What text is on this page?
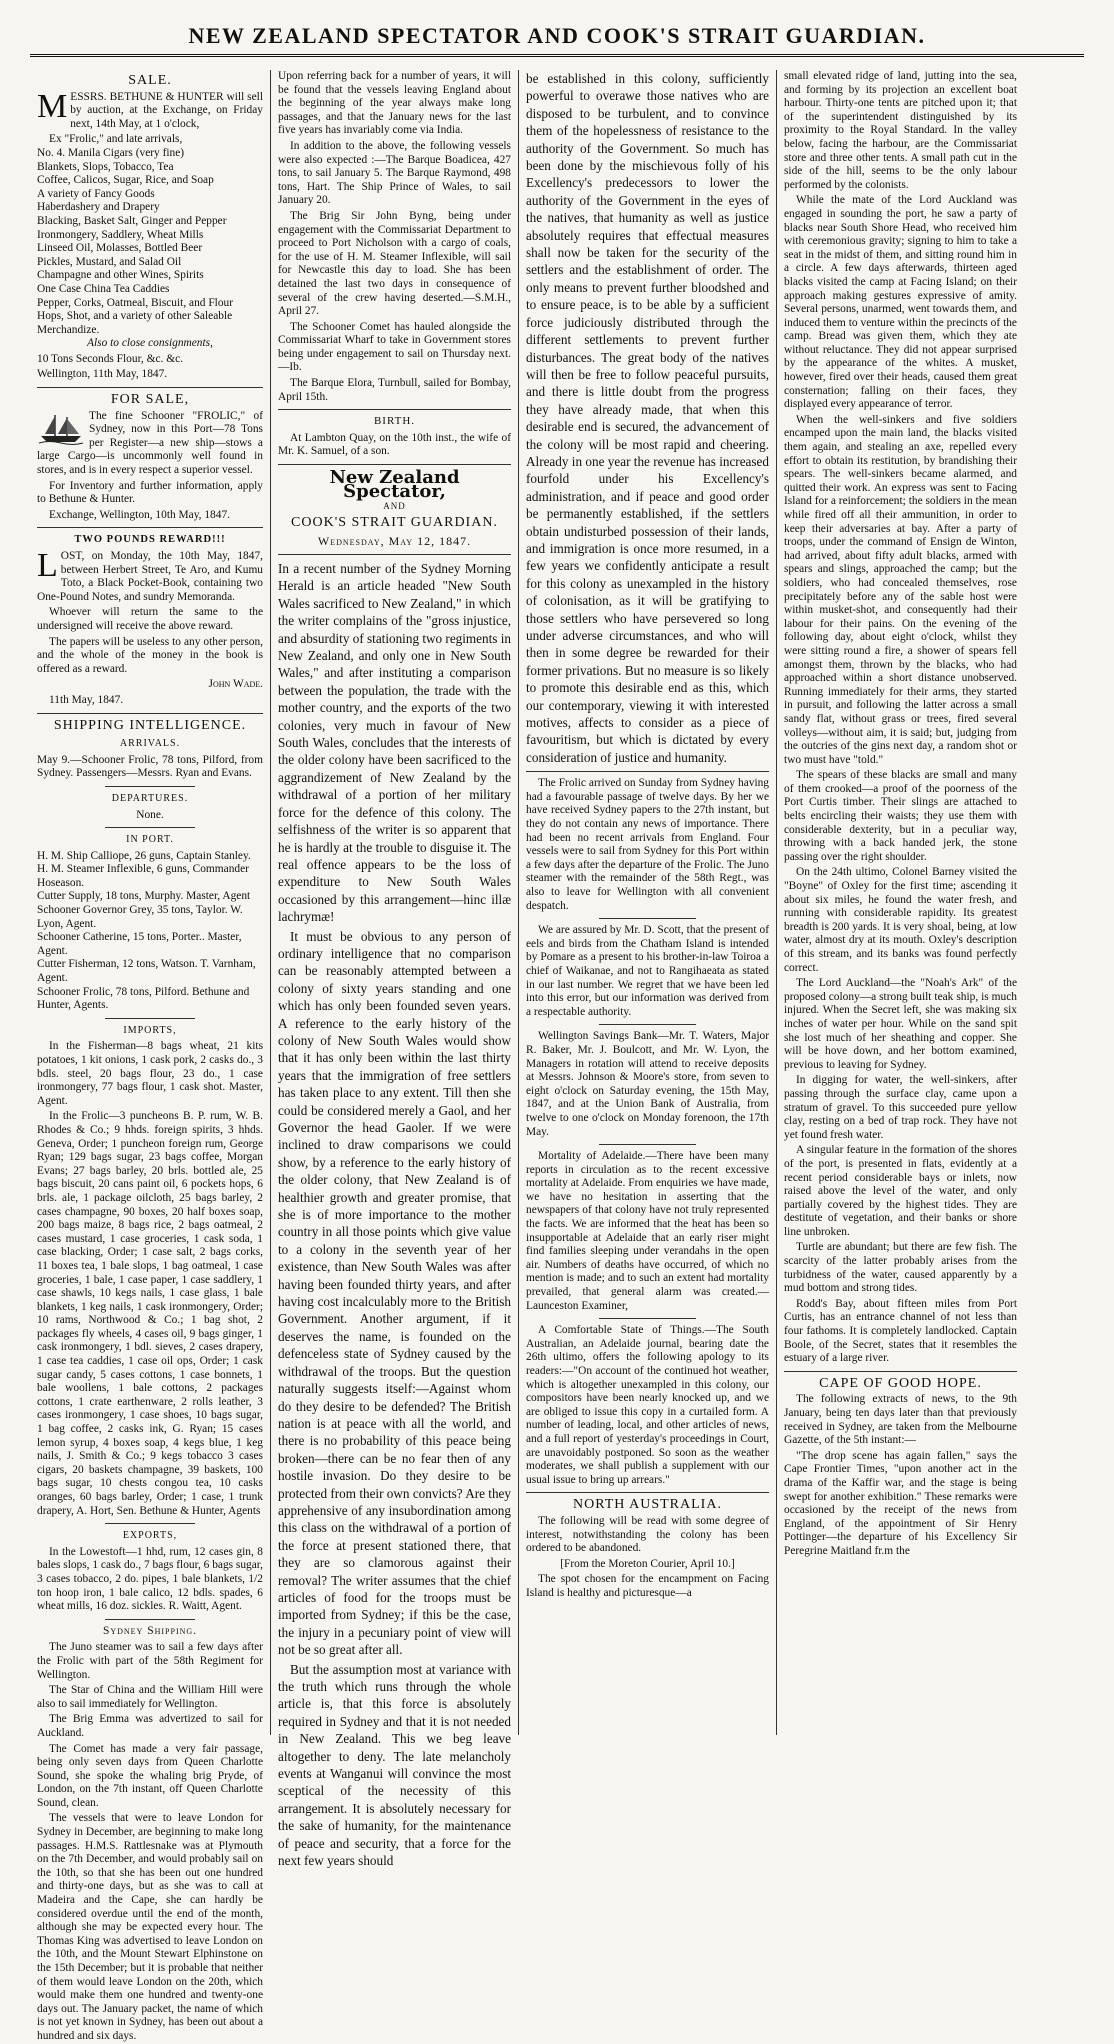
NEW ZEALAND SPECTATOR AND COOK'S STRAIT GUARDIAN.
SALE.

MESSRS. BETHUNE & HUNTER will sell by auction, at the Exchange, on Friday next, 14th May, at 1 o'clock,

Ex "Frolic," and late arrivals,

No. 4. Manila Cigars (very fine)

Blankets, Slops, Tobacco, Tea

Coffee, Calicos, Sugar, Rice, and Soap

A variety of Fancy Goods

Haberdashery and Drapery

Blacking, Basket Salt, Ginger and Pepper

Ironmongery, Saddlery, Wheat Mills

Linseed Oil, Molasses, Bottled Beer

Pickles, Mustard, and Salad Oil

Champagne and other Wines, Spirits

One Case China Tea Caddies

Pepper, Corks, Oatmeal, Biscuit, and Flour

Hops, Shot, and a variety of other Saleable Merchandize.

Also to close consignments,

10 Tons Seconds Flour, &c. &c.

Wellington, 11th May, 1847.

FOR SALE,

The fine Schooner "FROLIC," of Sydney, now in this Port—78 Tons per Register—a new ship—stows a large Cargo—is uncommonly well found in stores, and is in every respect a superior vessel.

For Inventory and further information, apply to Bethune & Hunter.

Exchange, Wellington, 10th May, 1847.

TWO POUNDS REWARD!!!

LOST, on Monday, the 10th May, 1847, between Herbert Street, Te Aro, and Kumu Toto, a Black Pocket-Book, containing two One-Pound Notes, and sundry Memoranda.

Whoever will return the same to the undersigned will receive the above reward.

The papers will be useless to any other person, and the whole of the money in the book is offered as a reward.

John Wade.

11th May, 1847.

SHIPPING INTELLIGENCE.
ARRIVALS.

May 9.—Schooner Frolic, 78 tons, Pilford, from Sydney. Passengers—Messrs. Ryan and Evans.

DEPARTURES.

None.

IN PORT.

H. M. Ship Calliope, 26 guns, Captain Stanley.

H. M. Steamer Inflexible, 6 guns, Commander Hoseason.

Cutter Supply, 18 tons, Murphy. Master, Agent

Schooner Governor Grey, 35 tons, Taylor. W. Lyon, Agent.

Schooner Catherine, 15 tons, Porter.. Master, Agent.

Cutter Fisherman, 12 tons, Watson. T. Varnham, Agent.

Schooner Frolic, 78 tons, Pilford. Bethune and Hunter, Agents.

IMPORTS,

In the Fisherman—8 bags wheat, 21 kits potatoes, 1 kit onions, 1 cask pork, 2 casks do., 3 bdls. steel, 20 bags flour, 23 do., 1 case ironmongery, 77 bags flour, 1 cask shot. Master, Agent.

In the Frolic—3 puncheons B. P. rum, W. B. Rhodes & Co.; 9 hhds. foreign spirits, 3 hhds. Geneva, Order; 1 puncheon foreign rum, George Ryan; 129 bags sugar, 23 bags coffee, Morgan Evans; 27 bags barley, 20 brls. bottled ale, 25 bags biscuit, 20 cans paint oil, 6 pockets hops, 6 brls. ale, 1 package oilcloth, 25 bags barley, 2 cases champagne, 90 boxes, 20 half boxes soap, 200 bags maize, 8 bags rice, 2 bags oatmeal, 2 cases mustard, 1 case groceries, 1 cask soda, 1 case blacking, Order; 1 case salt, 2 bags corks, 11 boxes tea, 1 bale slops, 1 bag oatmeal, 1 case groceries, 1 bale, 1 case paper, 1 case saddlery, 1 case shawls, 10 kegs nails, 1 case glass, 1 bale blankets, 1 keg nails, 1 cask ironmongery, Order; 10 rams, Northwood & Co.; 1 bag shot, 2 packages fly wheels, 4 cases oil, 9 bags ginger, 1 cask ironmongery, 1 bdl. sieves, 2 cases drapery, 1 case tea caddies, 1 case oil ops, Order; 1 cask sugar candy, 5 cases cottons, 1 case bonnets, 1 bale woollens, 1 bale cottons, 2 packages cottons, 1 crate earthenware, 2 rolls leather, 3 cases ironmongery, 1 case shoes, 10 bags sugar, 1 bag coffee, 2 casks ink, G. Ryan; 15 cases lemon syrup, 4 boxes soap, 4 kegs blue, 1 keg nails, J. Smith & Co.; 9 kegs tobacco 3 cases cigars, 20 baskets champagne, 39 baskets, 100 bags sugar, 10 chests congou tea, 10 casks oranges, 60 bags barley, Order; 1 case, 1 trunk drapery, A. Hort, Sen. Bethune & Hunter, Agents

EXPORTS,

In the Lowestoft—1 hhd, rum, 12 cases gin, 8 bales slops, 1 cask do., 7 bags flour, 6 bags sugar, 3 cases tobacco, 2 do. pipes, 1 bale blankets, 1/2 ton hoop iron, 1 bale calico, 12 bdls. spades, 6 wheat mills, 16 doz. sickles. R. Waitt, Agent.

Sydney Shipping.

The Juno steamer was to sail a few days after the Frolic with part of the 58th Regiment for Wellington.

The Star of China and the William Hill were also to sail immediately for Wellington.

The Brig Emma was advertized to sail for Auckland.

The Comet has made a very fair passage, being only seven days from Queen Charlotte Sound, she spoke the whaling brig Pryde, of London, on the 7th instant, off Queen Charlotte Sound, clean.

The vessels that were to leave London for Sydney in December, are beginning to make long passages. H.M.S. Rattlesnake was at Plymouth on the 7th December, and would probably sail on the 10th, so that she has been out one hundred and thirty-one days, but as she was to call at Madeira and the Cape, she can hardly be considered overdue until the end of the month, although she may be expected every hour. The Thomas King was advertised to leave London on the 10th, and the Mount Stewart Elphinstone on the 15th December; but it is probable that neither of them would leave London on the 20th, which would make them one hundred and twenty-one days out. The January packet, the name of which is not yet known in Sydney, has been out about a hundred and six days.

Upon referring back for a number of years, it will be found that the vessels leaving England about the beginning of the year always make long passages, and that the January news for the last five years has invariably come via India.

In addition to the above, the following vessels were also expected :—The Barque Boadicea, 427 tons, to sail January 5. The Barque Raymond, 498 tons, Hart. The Ship Prince of Wales, to sail January 20.

The Brig Sir John Byng, being under engagement with the Commissariat Department to proceed to Port Nicholson with a cargo of coals, for the use of H. M. Steamer Inflexible, will sail for Newcastle this day to load. She has been detained the last two days in consequence of several of the crew having deserted.—S.M.H., April 27.

The Schooner Comet has hauled alongside the Commissariat Wharf to take in Government stores being under engagement to sail on Thursday next.—Ib.

The Barque Elora, Turnbull, sailed for Bombay, April 15th.

BIRTH.

At Lambton Quay, on the 10th inst., the wife of Mr. K. Samuel, of a son.

New Zealand Spectator,
AND
COOK'S STRAIT GUARDIAN.
Wednesday, May 12, 1847.

In a recent number of the Sydney Morning Herald is an article headed "New South Wales sacrificed to New Zealand," in which the writer complains of the "gross injustice, and absurdity of stationing two regiments in New Zealand, and only one in New South Wales," and after instituting a comparison between the population, the trade with the mother country, and the exports of the two colonies, very much in favour of New South Wales, concludes that the interests of the older colony have been sacrificed to the aggrandizement of New Zealand by the withdrawal of a portion of her military force for the defence of this colony. The selfishness of the writer is so apparent that he is hardly at the trouble to disguise it. The real offence appears to be the loss of expenditure to New South Wales occasioned by this arrangement—hinc illæ lachrymæ!

It must be obvious to any person of ordinary intelligence that no comparison can be reasonably attempted between a colony of sixty years standing and one which has only been founded seven years. A reference to the early history of the colony of New South Wales would show that it has only been within the last thirty years that the immigration of free settlers has taken place to any extent. Till then she could be considered merely a Gaol, and her Governor the head Gaoler. If we were inclined to draw comparisons we could show, by a reference to the early history of the older colony, that New Zealand is of healthier growth and greater promise, that she is of more importance to the mother country in all those points which give value to a colony in the seventh year of her existence, than New South Wales was after having been founded thirty years, and after having cost incalculably more to the British Government. Another argument, if it deserves the name, is founded on the defenceless state of Sydney caused by the withdrawal of the troops. But the question naturally suggests itself:—Against whom do they desire to be defended? The British nation is at peace with all the world, and there is no probability of this peace being broken—there can be no fear then of any hostile invasion. Do they desire to be protected from their own convicts? Are they apprehensive of any insubordination among this class on the withdrawal of a portion of the force at present stationed there, that they are so clamorous against their removal? The writer assumes that the chief articles of food for the troops must be imported from Sydney; if this be the case, the injury in a pecuniary point of view will not be so great after all.

But the assumption most at variance with the truth which runs through the whole article is, that this force is absolutely required in Sydney and that it is not needed in New Zealand. This we beg leave altogether to deny. The late melancholy events at Wanganui will convince the most sceptical of the necessity of this arrangement. It is absolutely necessary for the sake of humanity, for the maintenance of peace and security, that a force for the next few years should

be established in this colony, sufficiently powerful to overawe those natives who are disposed to be turbulent, and to convince them of the hopelessness of resistance to the authority of the Government. So much has been done by the mischievous folly of his Excellency's predecessors to lower the authority of the Government in the eyes of the natives, that humanity as well as justice absolutely requires that effectual measures shall now be taken for the security of the settlers and the establishment of order. The only means to prevent further bloodshed and to ensure peace, is to be able by a sufficient force judiciously distributed through the different settlements to prevent further disturbances. The great body of the natives will then be free to follow peaceful pursuits, and there is little doubt from the progress they have already made, that when this desirable end is secured, the advancement of the colony will be most rapid and cheering. Already in one year the revenue has increased fourfold under his Excellency's administration, and if peace and good order be permanently established, if the settlers obtain undisturbed possession of their lands, and immigration is once more resumed, in a few years we confidently anticipate a result for this colony as unexampled in the history of colonisation, as it will be gratifying to those settlers who have persevered so long under adverse circumstances, and who will then in some degree be rewarded for their former privations. But no measure is so likely to promote this desirable end as this, which our contemporary, viewing it with interested motives, affects to consider as a piece of favouritism, but which is dictated by every consideration of justice and humanity.

The Frolic arrived on Sunday from Sydney having had a favourable passage of twelve days. By her we have received Sydney papers to the 27th instant, but they do not contain any news of importance. There had been no recent arrivals from England. Four vessels were to sail from Sydney for this Port within a few days after the departure of the Frolic. The Juno steamer with the remainder of the 58th Regt., was also to leave for Wellington with all convenient despatch.

We are assured by Mr. D. Scott, that the present of eels and birds from the Chatham Island is intended by Pomare as a present to his brother-in-law Toiroa a chief of Waikanae, and not to Rangihaeata as stated in our last number. We regret that we have been led into this error, but our information was derived from a respectable authority.

Wellington Savings Bank—Mr. T. Waters, Major R. Baker, Mr. J. Boulcott, and Mr. W. Lyon, the Managers in rotation will attend to receive deposits at Messrs. Johnson & Moore's store, from seven to eight o'clock on Saturday evening, the 15th May, 1847, and at the Union Bank of Australia, from twelve to one o'clock on Monday forenoon, the 17th May.

Mortality of Adelaide.—There have been many reports in circulation as to the recent excessive mortality at Adelaide. From enquiries we have made, we have no hesitation in asserting that the newspapers of that colony have not truly represented the facts. We are informed that the heat has been so insupportable at Adelaide that an early riser might find families sleeping under verandahs in the open air. Numbers of deaths have occurred, of which no mention is made; and to such an extent had mortality prevailed, that general alarm was created.—Launceston Examiner,

A Comfortable State of Things.—The South Australian, an Adelaide journal, bearing date the 26th ultimo, offers the following apology to its readers:—"On account of the continued hot weather, which is altogether unexampled in this colony, our compositors have been nearly knocked up, and we are obliged to issue this copy in a curtailed form. A number of leading, local, and other articles of news, and a full report of yesterday's proceedings in Court, are unavoidably postponed. So soon as the weather moderates, we shall publish a supplement with our usual issue to bring up arrears."

NORTH AUSTRALIA.

The following will be read with some degree of interest, notwithstanding the colony has been ordered to be abandoned.

[From the Moreton Courier, April 10.]

The spot chosen for the encampment on Facing Island is healthy and picturesque—a

small elevated ridge of land, jutting into the sea, and forming by its projection an excellent boat harbour. Thirty-one tents are pitched upon it; that of the superintendent distinguished by its proximity to the Royal Standard. In the valley below, facing the harbour, are the Commissariat store and three other tents. A small path cut in the side of the hill, seems to be the only labour performed by the colonists.

While the mate of the Lord Auckland was engaged in sounding the port, he saw a party of blacks near South Shore Head, who received him with ceremonious gravity; signing to him to take a seat in the midst of them, and sitting round him in a circle. A few days afterwards, thirteen aged blacks visited the camp at Facing Island; on their approach making gestures expressive of amity. Several persons, unarmed, went towards them, and induced them to venture within the precincts of the camp. Bread was given them, which they ate without reluctance. They did not appear surprised by the appearance of the whites. A musket, however, fired over their heads, caused them great consternation; falling on their faces, they displayed every appearance of terror.

When the well-sinkers and five soldiers encamped upon the main land, the blacks visited them again, and stealing an axe, repelled every effort to obtain its restitution, by brandishing their spears. The well-sinkers became alarmed, and quitted their work. An express was sent to Facing Island for a reinforcement; the soldiers in the mean while fired off all their ammunition, in order to keep their adversaries at bay. After a party of troops, under the command of Ensign de Winton, had arrived, about fifty adult blacks, armed with spears and slings, approached the camp; but the soldiers, who had concealed themselves, rose precipitately before any of the sable host were within musket-shot, and consequently had their labour for their pains. On the evening of the following day, about eight o'clock, whilst they were sitting round a fire, a shower of spears fell amongst them, thrown by the blacks, who had approached within a short distance unobserved. Running immediately for their arms, they started in pursuit, and following the latter across a small sandy flat, without grass or trees, fired several volleys—without aim, it is said; but, judging from the outcries of the gins next day, a random shot or two must have "told."

The spears of these blacks are small and many of them crooked—a proof of the poorness of the Port Curtis timber. Their slings are attached to belts encircling their waists; they use them with considerable dexterity, but in a peculiar way, throwing with a back handed jerk, the stone passing over the right shoulder.

On the 24th ultimo, Colonel Barney visited the "Boyne" of Oxley for the first time; ascending it about six miles, he found the water fresh, and running with considerable rapidity. Its greatest breadth is 200 yards. It is very shoal, being, at low water, almost dry at its mouth. Oxley's description of this stream, and its banks was found perfectly correct.

The Lord Auckland—the "Noah's Ark" of the proposed colony—a strong built teak ship, is much injured. When the Secret left, she was making six inches of water per hour. While on the sand spit she lost much of her sheathing and copper. She will be hove down, and her bottom examined, previous to leaving for Sydney.

In digging for water, the well-sinkers, after passing through the surface clay, came upon a stratum of gravel. To this succeeded pure yellow clay, resting on a bed of trap rock. They have not yet found fresh water.

A singular feature in the formation of the shores of the port, is presented in flats, evidently at a recent period considerable bays or inlets, now raised above the level of the water, and only partially covered by the highest tides. They are destitute of vegetation, and their banks or shore line unbroken.

Turtle are abundant; but there are few fish. The scarcity of the latter probably arises from the turbidness of the water, caused apparently by a mud bottom and strong tides.

Rodd's Bay, about fifteen miles from Port Curtis, has an entrance channel of not less than four fathoms. It is completely landlocked. Captain Boole, of the Secret, states that it resembles the estuary of a large river.

CAPE OF GOOD HOPE.

The following extracts of news, to the 9th January, being ten days later than that previously received in Sydney, are taken from the Melbourne Gazette, of the 5th instant:—

"The drop scene has again fallen," says the Cape Frontier Times, "upon another act in the drama of the Kaffir war, and the stage is being swept for another exhibition." These remarks were occasioned by the receipt of the news from England, of the appointment of Sir Henry Pottinger—the departure of his Excellency Sir Peregrine Maitland fr.m the
